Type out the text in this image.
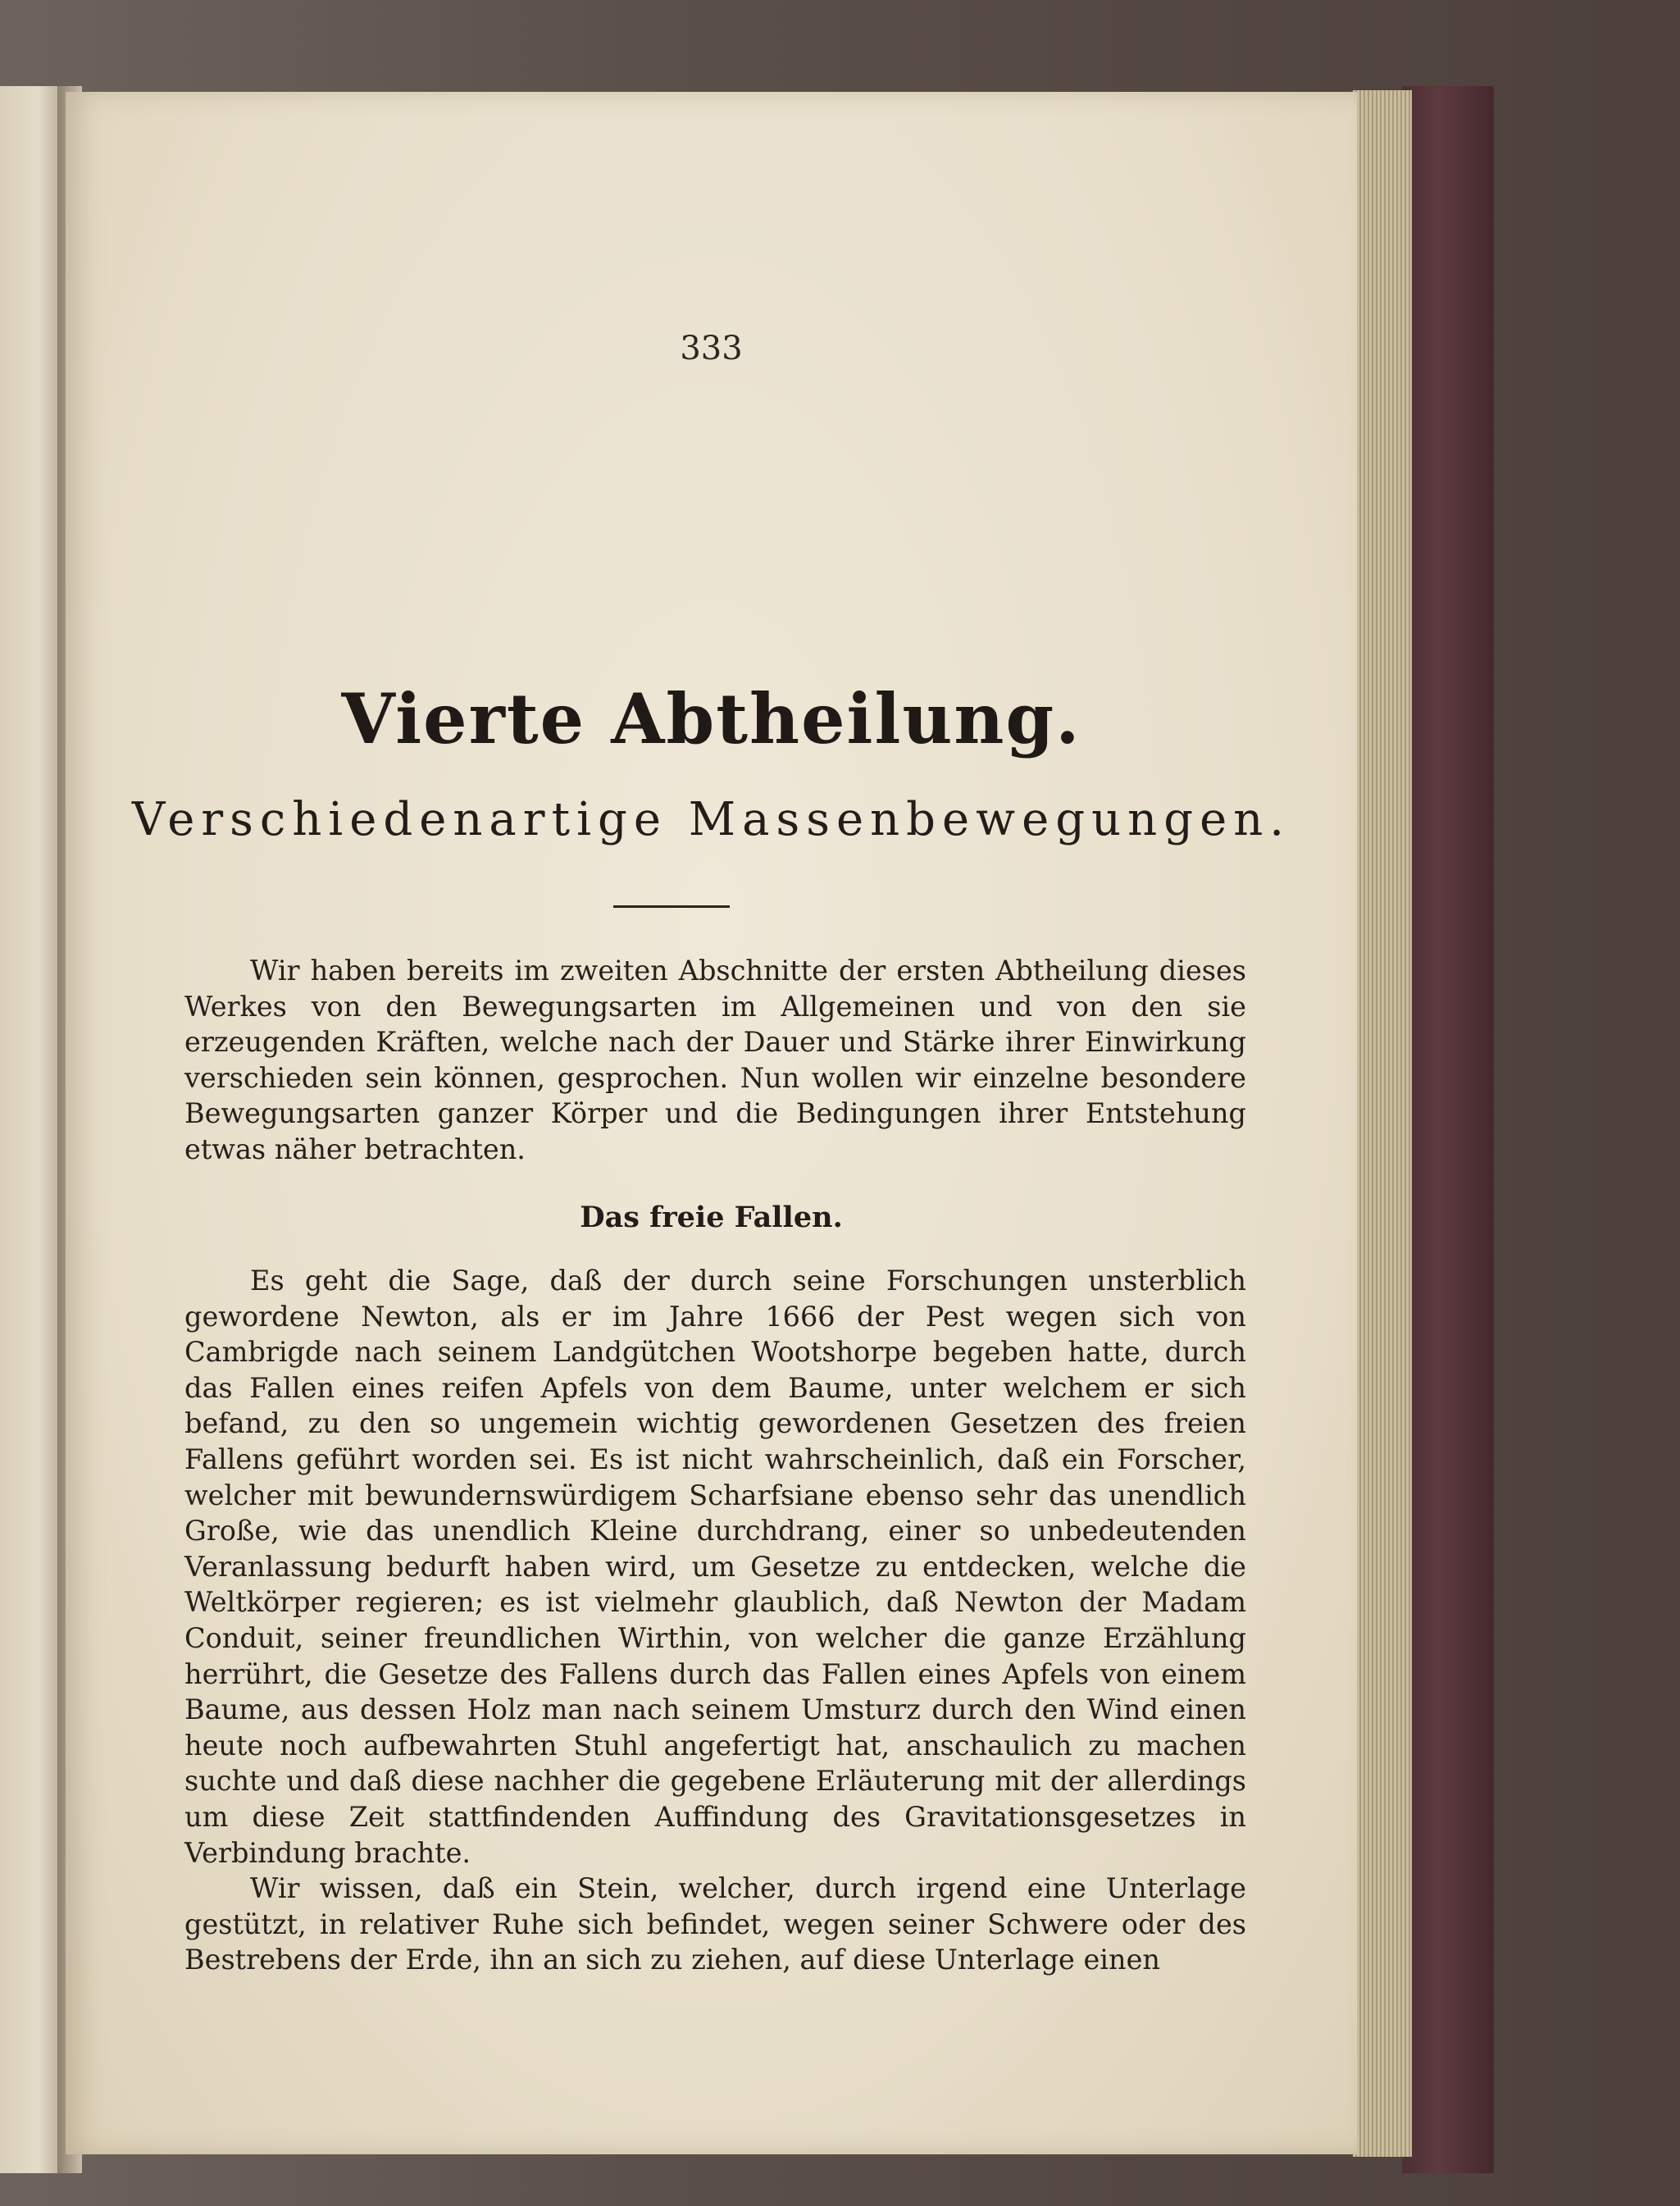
333
Vierte Abtheilung.
Verschiedenartige Massenbewegungen.

Wir haben bereits im zweiten Abschnitte der ersten Abtheilung dieses Werkes von den Bewegungsarten im Allgemeinen und von den sie erzeugenden Kräften, welche nach der Dauer und Stärke ihrer Einwirkung verschieden sein können, gesprochen. Nun wollen wir einzelne besondere Bewegungsarten ganzer Körper und die Bedingungen ihrer Entstehung etwas näher betrachten.

Das freie Fallen.

Es geht die Sage, daß der durch seine Forschungen unsterblich gewordene Newton, als er im Jahre 1666 der Pest wegen sich von Cambrigde nach seinem Landgütchen Wootshorpe begeben hatte, durch das Fallen eines reifen Apfels von dem Baume, unter welchem er sich befand, zu den so ungemein wichtig gewordenen Gesetzen des freien Fallens geführt worden sei. Es ist nicht wahrscheinlich, daß ein Forscher, welcher mit bewundernswürdigem Scharfsiane ebenso sehr das unendlich Große, wie das unendlich Kleine durchdrang, einer so unbedeutenden Veranlassung bedurft haben wird, um Gesetze zu entdecken, welche die Weltkörper regieren; es ist vielmehr glaublich, daß Newton der Madam Conduit, seiner freundlichen Wirthin, von welcher die ganze Erzählung herrührt, die Gesetze des Fallens durch das Fallen eines Apfels von einem Baume, aus dessen Holz man nach seinem Umsturz durch den Wind einen heute noch aufbewahrten Stuhl angefertigt hat, anschaulich zu machen suchte und daß diese nachher die gegebene Erläuterung mit der allerdings um diese Zeit stattfindenden Auffindung des Gravitationsgesetzes in Verbindung brachte.

Wir wissen, daß ein Stein, welcher, durch irgend eine Unterlage gestützt, in relativer Ruhe sich befindet, wegen seiner Schwere oder des Bestrebens der Erde, ihn an sich zu ziehen, auf diese Unterlage einen
